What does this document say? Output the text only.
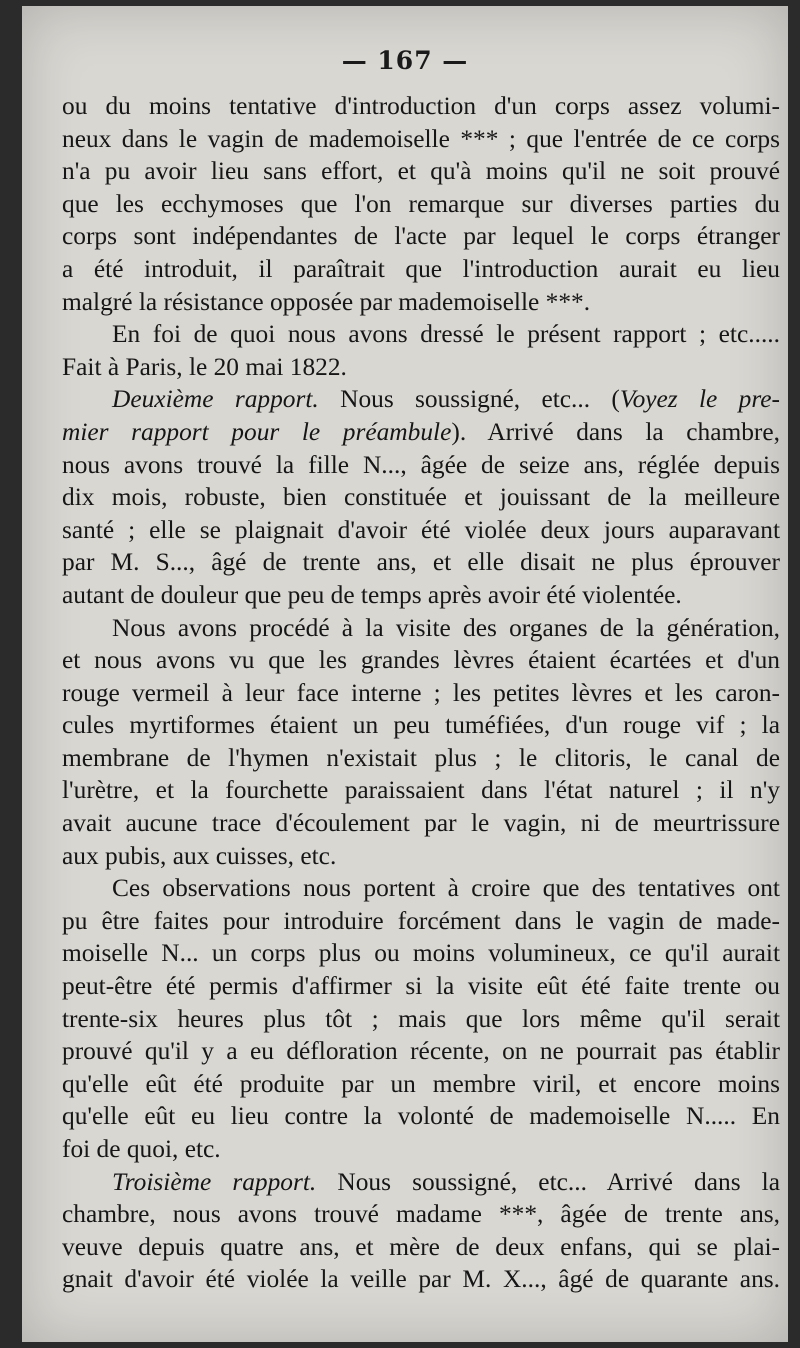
— 167 —
ou du moins tentative d'introduction d'un corps assez volumi-
neux dans le vagin de mademoiselle *** ; que l'entrée de ce corps
n'a pu avoir lieu sans effort, et qu'à moins qu'il ne soit prouvé
que les ecchymoses que l'on remarque sur diverses parties du
corps sont indépendantes de l'acte par lequel le corps étranger
a été introduit, il paraîtrait que l'introduction aurait eu lieu
malgré la résistance opposée par mademoiselle ***.
En foi de quoi nous avons dressé le présent rapport ; etc.....
Fait à Paris, le 20 mai 1822.
Deuxième rapport. Nous soussigné, etc... (Voyez le pre-
mier rapport pour le préambule). Arrivé dans la chambre,
nous avons trouvé la fille N..., âgée de seize ans, réglée depuis
dix mois, robuste, bien constituée et jouissant de la meilleure
santé ; elle se plaignait d'avoir été violée deux jours auparavant
par M. S..., âgé de trente ans, et elle disait ne plus éprouver
autant de douleur que peu de temps après avoir été violentée.
Nous avons procédé à la visite des organes de la génération,
et nous avons vu que les grandes lèvres étaient écartées et d'un
rouge vermeil à leur face interne ; les petites lèvres et les caron-
cules myrtiformes étaient un peu tuméfiées, d'un rouge vif ; la
membrane de l'hymen n'existait plus ; le clitoris, le canal de
l'urètre, et la fourchette paraissaient dans l'état naturel ; il n'y
avait aucune trace d'écoulement par le vagin, ni de meurtrissure
aux pubis, aux cuisses, etc.
Ces observations nous portent à croire que des tentatives ont
pu être faites pour introduire forcément dans le vagin de made-
moiselle N... un corps plus ou moins volumineux, ce qu'il aurait
peut-être été permis d'affirmer si la visite eût été faite trente ou
trente-six heures plus tôt ; mais que lors même qu'il serait
prouvé qu'il y a eu défloration récente, on ne pourrait pas établir
qu'elle eût été produite par un membre viril, et encore moins
qu'elle eût eu lieu contre la volonté de mademoiselle N..... En
foi de quoi, etc.
Troisième rapport. Nous soussigné, etc... Arrivé dans la
chambre, nous avons trouvé madame ***, âgée de trente ans,
veuve depuis quatre ans, et mère de deux enfans, qui se plai-
gnait d'avoir été violée la veille par M. X..., âgé de quarante ans.
